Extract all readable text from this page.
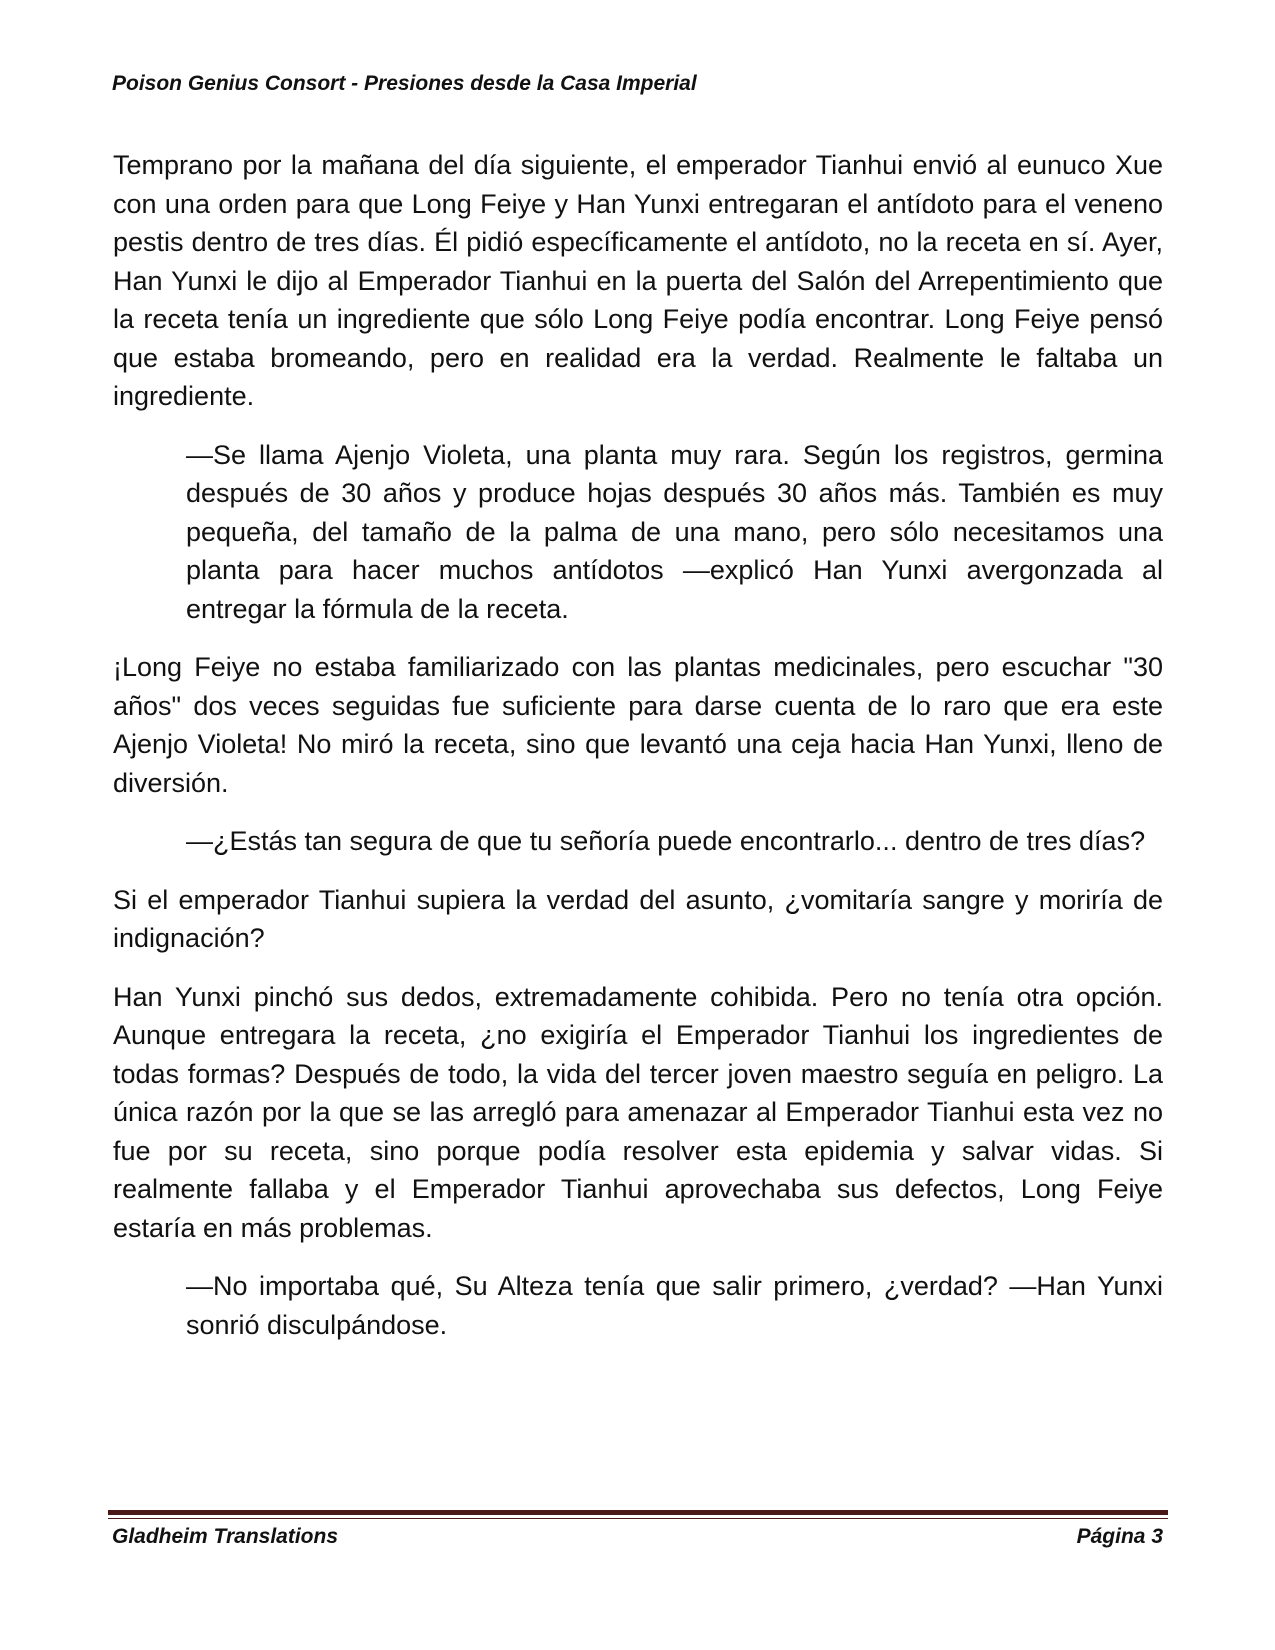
Poison Genius Consort - Presiones desde la Casa Imperial

Temprano por la mañana del día siguiente, el emperador Tianhui envió al eunuco Xue con una orden para que Long Feiye y Han Yunxi entregaran el antídoto para el veneno pestis dentro de tres días. Él pidió específicamente el antídoto, no la receta en sí. Ayer, Han Yunxi le dijo al Emperador Tianhui en la puerta del Salón del Arrepentimiento que la receta tenía un ingrediente que sólo Long Feiye podía encontrar. Long Feiye pensó que estaba bromeando, pero en realidad era la verdad. Realmente le faltaba un ingrediente.

—Se llama Ajenjo Violeta, una planta muy rara. Según los registros, germina después de 30 años y produce hojas después 30 años más. También es muy pequeña, del tamaño de la palma de una mano, pero sólo necesitamos una planta para hacer muchos antídotos —explicó Han Yunxi avergonzada al entregar la fórmula de la receta.

¡Long Feiye no estaba familiarizado con las plantas medicinales, pero escuchar "30 años" dos veces seguidas fue suficiente para darse cuenta de lo raro que era este Ajenjo Violeta! No miró la receta, sino que levantó una ceja hacia Han Yunxi, lleno de diversión.

—¿Estás tan segura de que tu señoría puede encontrarlo... dentro de tres días?

Si el emperador Tianhui supiera la verdad del asunto, ¿vomitaría sangre y moriría de indignación?

Han Yunxi pinchó sus dedos, extremadamente cohibida. Pero no tenía otra opción. Aunque entregara la receta, ¿no exigiría el Emperador Tianhui los ingredientes de todas formas? Después de todo, la vida del tercer joven maestro seguía en peligro. La única razón por la que se las arregló para amenazar al Emperador Tianhui esta vez no fue por su receta, sino porque podía resolver esta epidemia y salvar vidas. Si realmente fallaba y el Emperador Tianhui aprovechaba sus defectos, Long Feiye estaría en más problemas.

—No importaba qué, Su Alteza tenía que salir primero, ¿verdad? —Han Yunxi sonrió disculpándose.

Gladheim Translations	Página 3
